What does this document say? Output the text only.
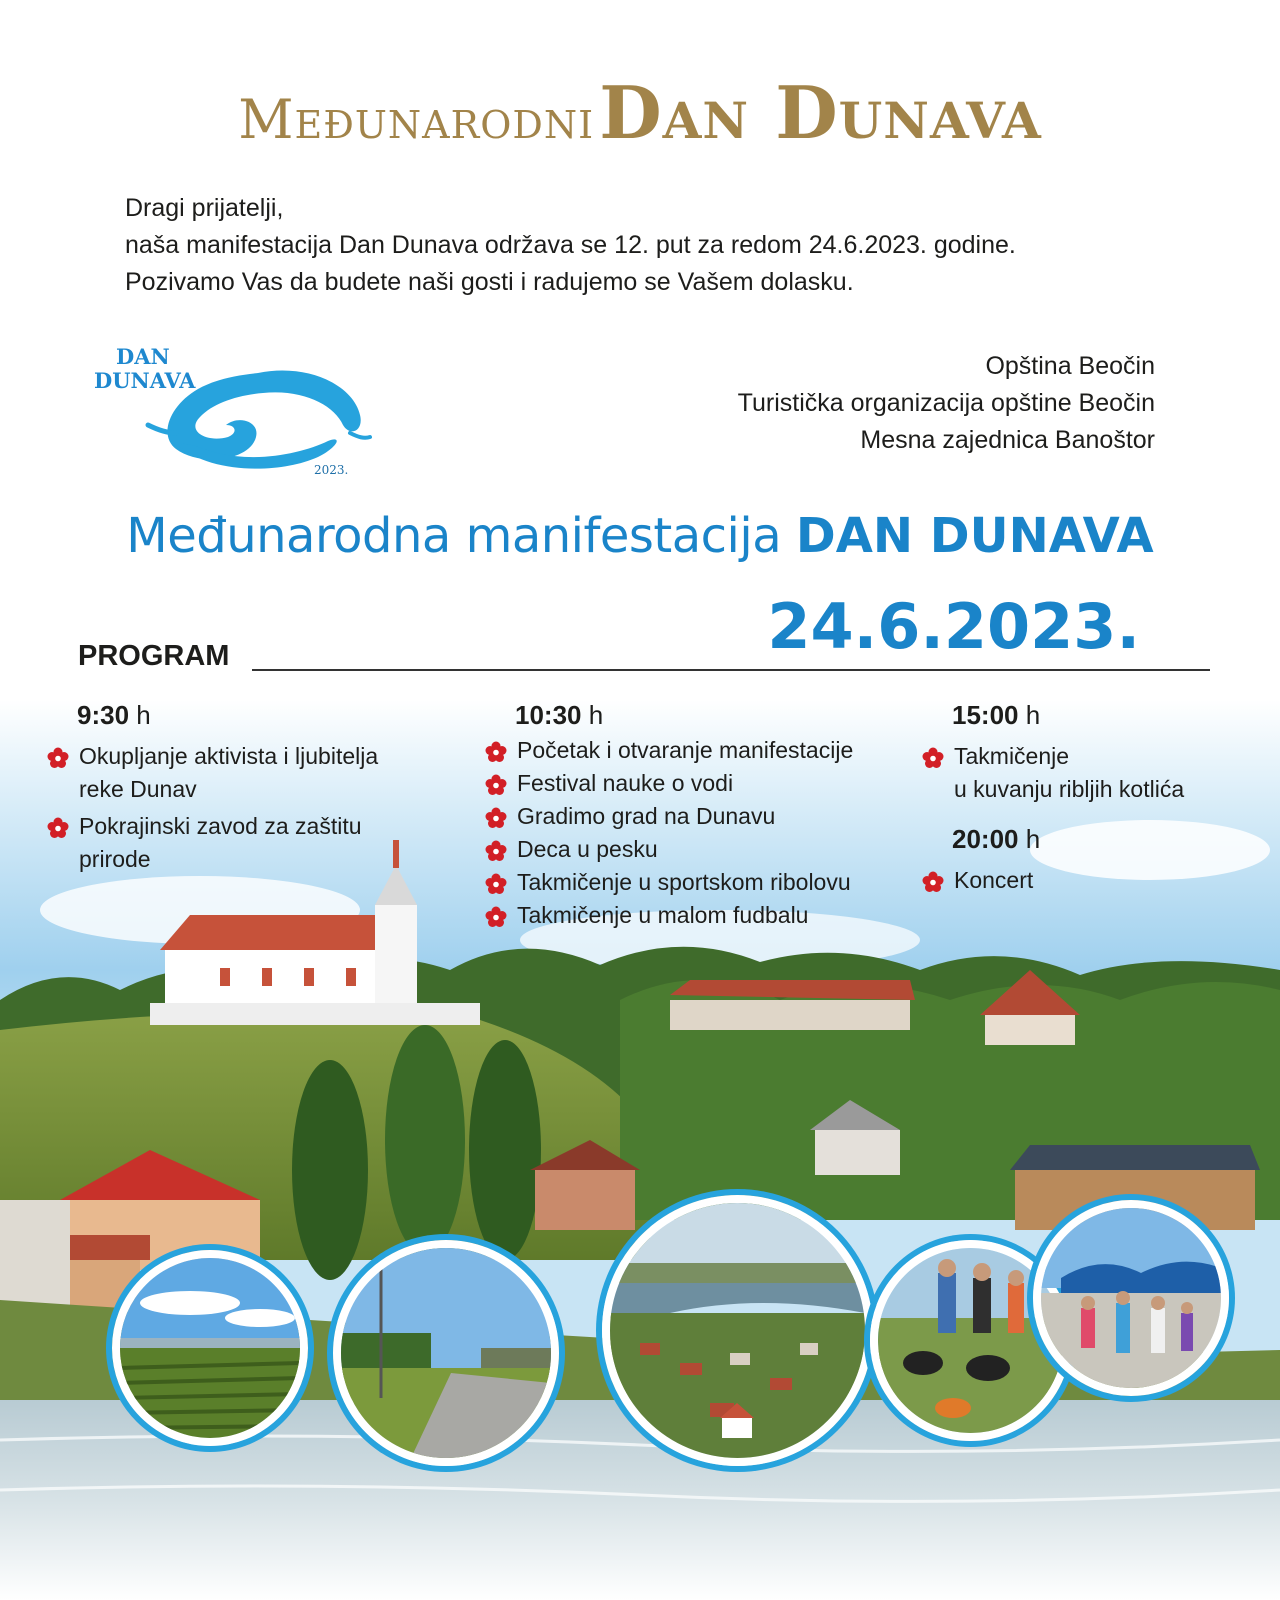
Međunarodni Dan Dunava
Dragi prijatelji,
naša manifestacija Dan Dunava održava se 12. put za redom 24.6.2023. godine.
Pozivamo Vas da budete naši gosti i radujemo se Vašem dolasku.
DAN
DUNAVA
2023.
Opština Beočin
Turistička organizacija opštine Beočin
Mesna zajednica Banoštor
Međunarodna manifestacija DAN DUNAVA
24.6.2023.
PROGRAM
9:30 h
Okupljanje aktivista i ljubitelja
reke Dunav
Pokrajinski zavod za zaštitu
prirode
10:30 h
Početak i otvaranje manifestacije
Festival nauke o vodi
Gradimo grad na Dunavu
Deca u pesku
Takmičenje u sportskom ribolovu
Takmičenje u malom fudbalu
15:00 h
Takmičenje
u kuvanju ribljih kotlića
20:00 h
Koncert
